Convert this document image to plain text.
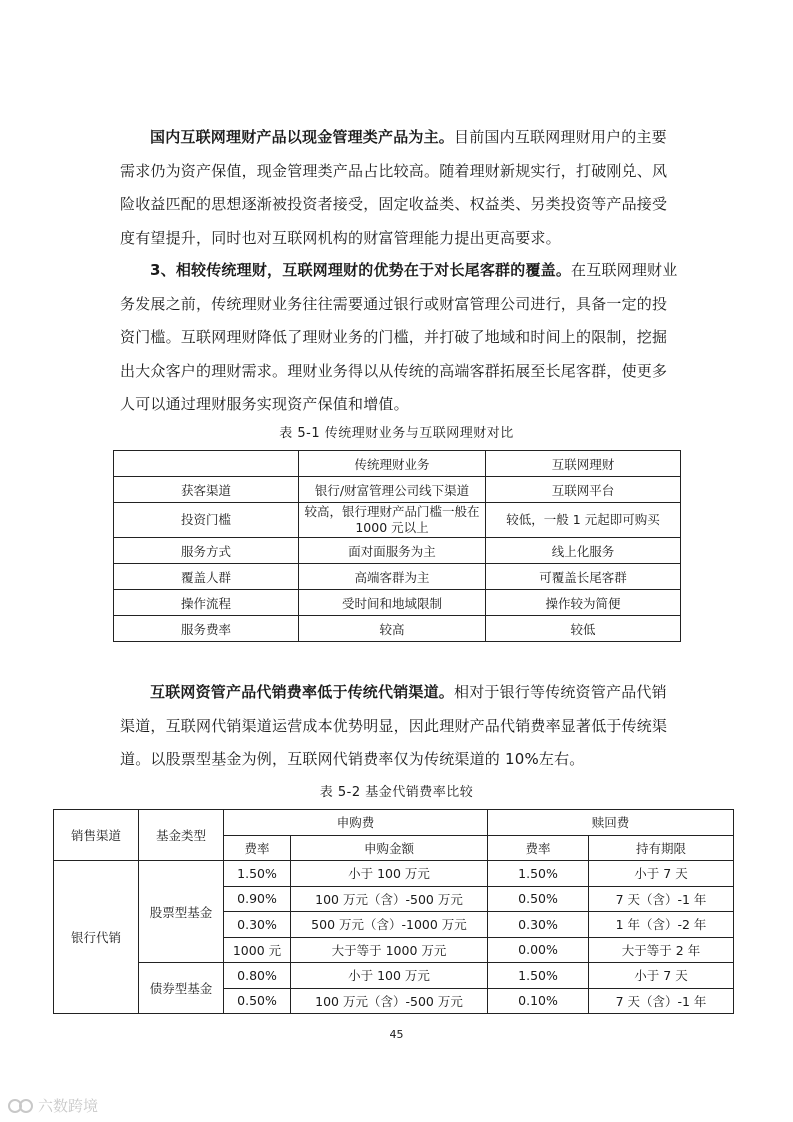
国内互联网理财产品以现金管理类产品为主。目前国内互联网理财用户的主要需求仍为资产保值，现金管理类产品占比较高。随着理财新规实行，打破刚兑、风险收益匹配的思想逐渐被投资者接受，固定收益类、权益类、另类投资等产品接受度有望提升，同时也对互联网机构的财富管理能力提出更高要求。

3、相较传统理财，互联网理财的优势在于对长尾客群的覆盖。在互联网理财业务发展之前，传统理财业务往往需要通过银行或财富管理公司进行，具备一定的投资门槛。互联网理财降低了理财业务的门槛，并打破了地域和时间上的限制，挖掘出大众客户的理财需求。理财业务得以从传统的高端客群拓展至长尾客群，使更多人可以通过理财服务实现资产保值和增值。

表 5-1 传统理财业务与互联网理财对比

	传统理财业务	互联网理财
获客渠道	银行/财富管理公司线下渠道	互联网平台
投资门槛	较高，银行理财产品门槛一般在 1000 元以上	较低，一般 1 元起即可购买
服务方式	面对面服务为主	线上化服务
覆盖人群	高端客群为主	可覆盖长尾客群
操作流程	受时间和地域限制	操作较为简便
服务费率	较高	较低

互联网资管产品代销费率低于传统代销渠道。相对于银行等传统资管产品代销渠道，互联网代销渠道运营成本优势明显，因此理财产品代销费率显著低于传统渠道。以股票型基金为例，互联网代销费率仅为传统渠道的 10%左右。

表 5-2 基金代销费率比较

销售渠道	基金类型	申购费		赎回费	
		费率	申购金额	费率	持有期限
银行代销	股票型基金	1.50%	小于 100 万元	1.50%	小于 7 天
		0.90%	100 万元（含）-500 万元	0.50%	7 天（含）-1 年
		0.30%	500 万元（含）-1000 万元	0.30%	1 年（含）-2 年
		1000 元	大于等于 1000 万元	0.00%	大于等于 2 年
	债券型基金	0.80%	小于 100 万元	1.50%	小于 7 天
		0.50%	100 万元（含）-500 万元	0.10%	7 天（含）-1 年

45

六数跨境
